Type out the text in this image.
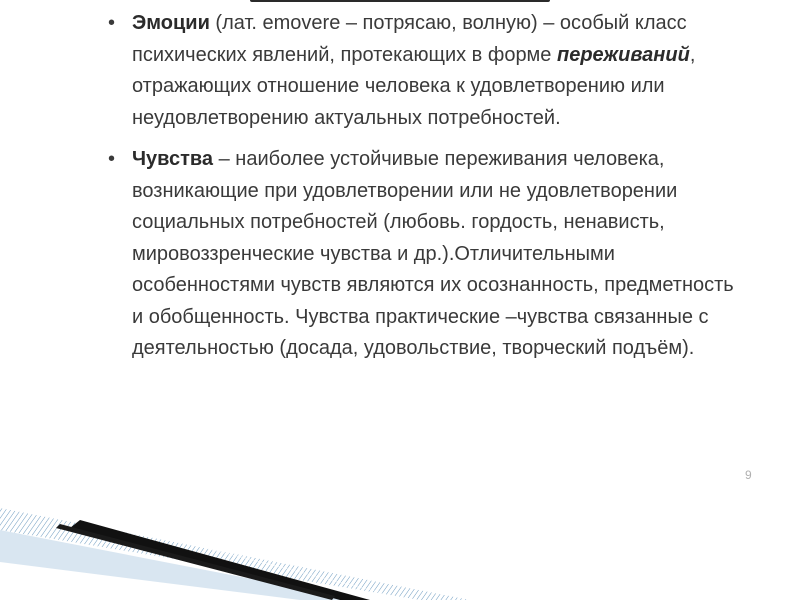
• Эмоции (лат. emovere – потрясаю, волную) – особый класс психических явлений, протекающих в форме переживаний, отражающих отношение человека к удовлетворению или неудовлетворению актуальных потребностей.
• Чувства – наиболее устойчивые переживания человека, возникающие при удовлетворении или не удовлетворении социальных потребностей (любовь. гордость, ненависть, мировоззренческие чувства и др.).Отличительными особенностями чувств являются их осознанность, предметность и обобщенность. Чувства практические –чувства связанные с деятельностью (досада, удовольствие, творческий подъём).
9
